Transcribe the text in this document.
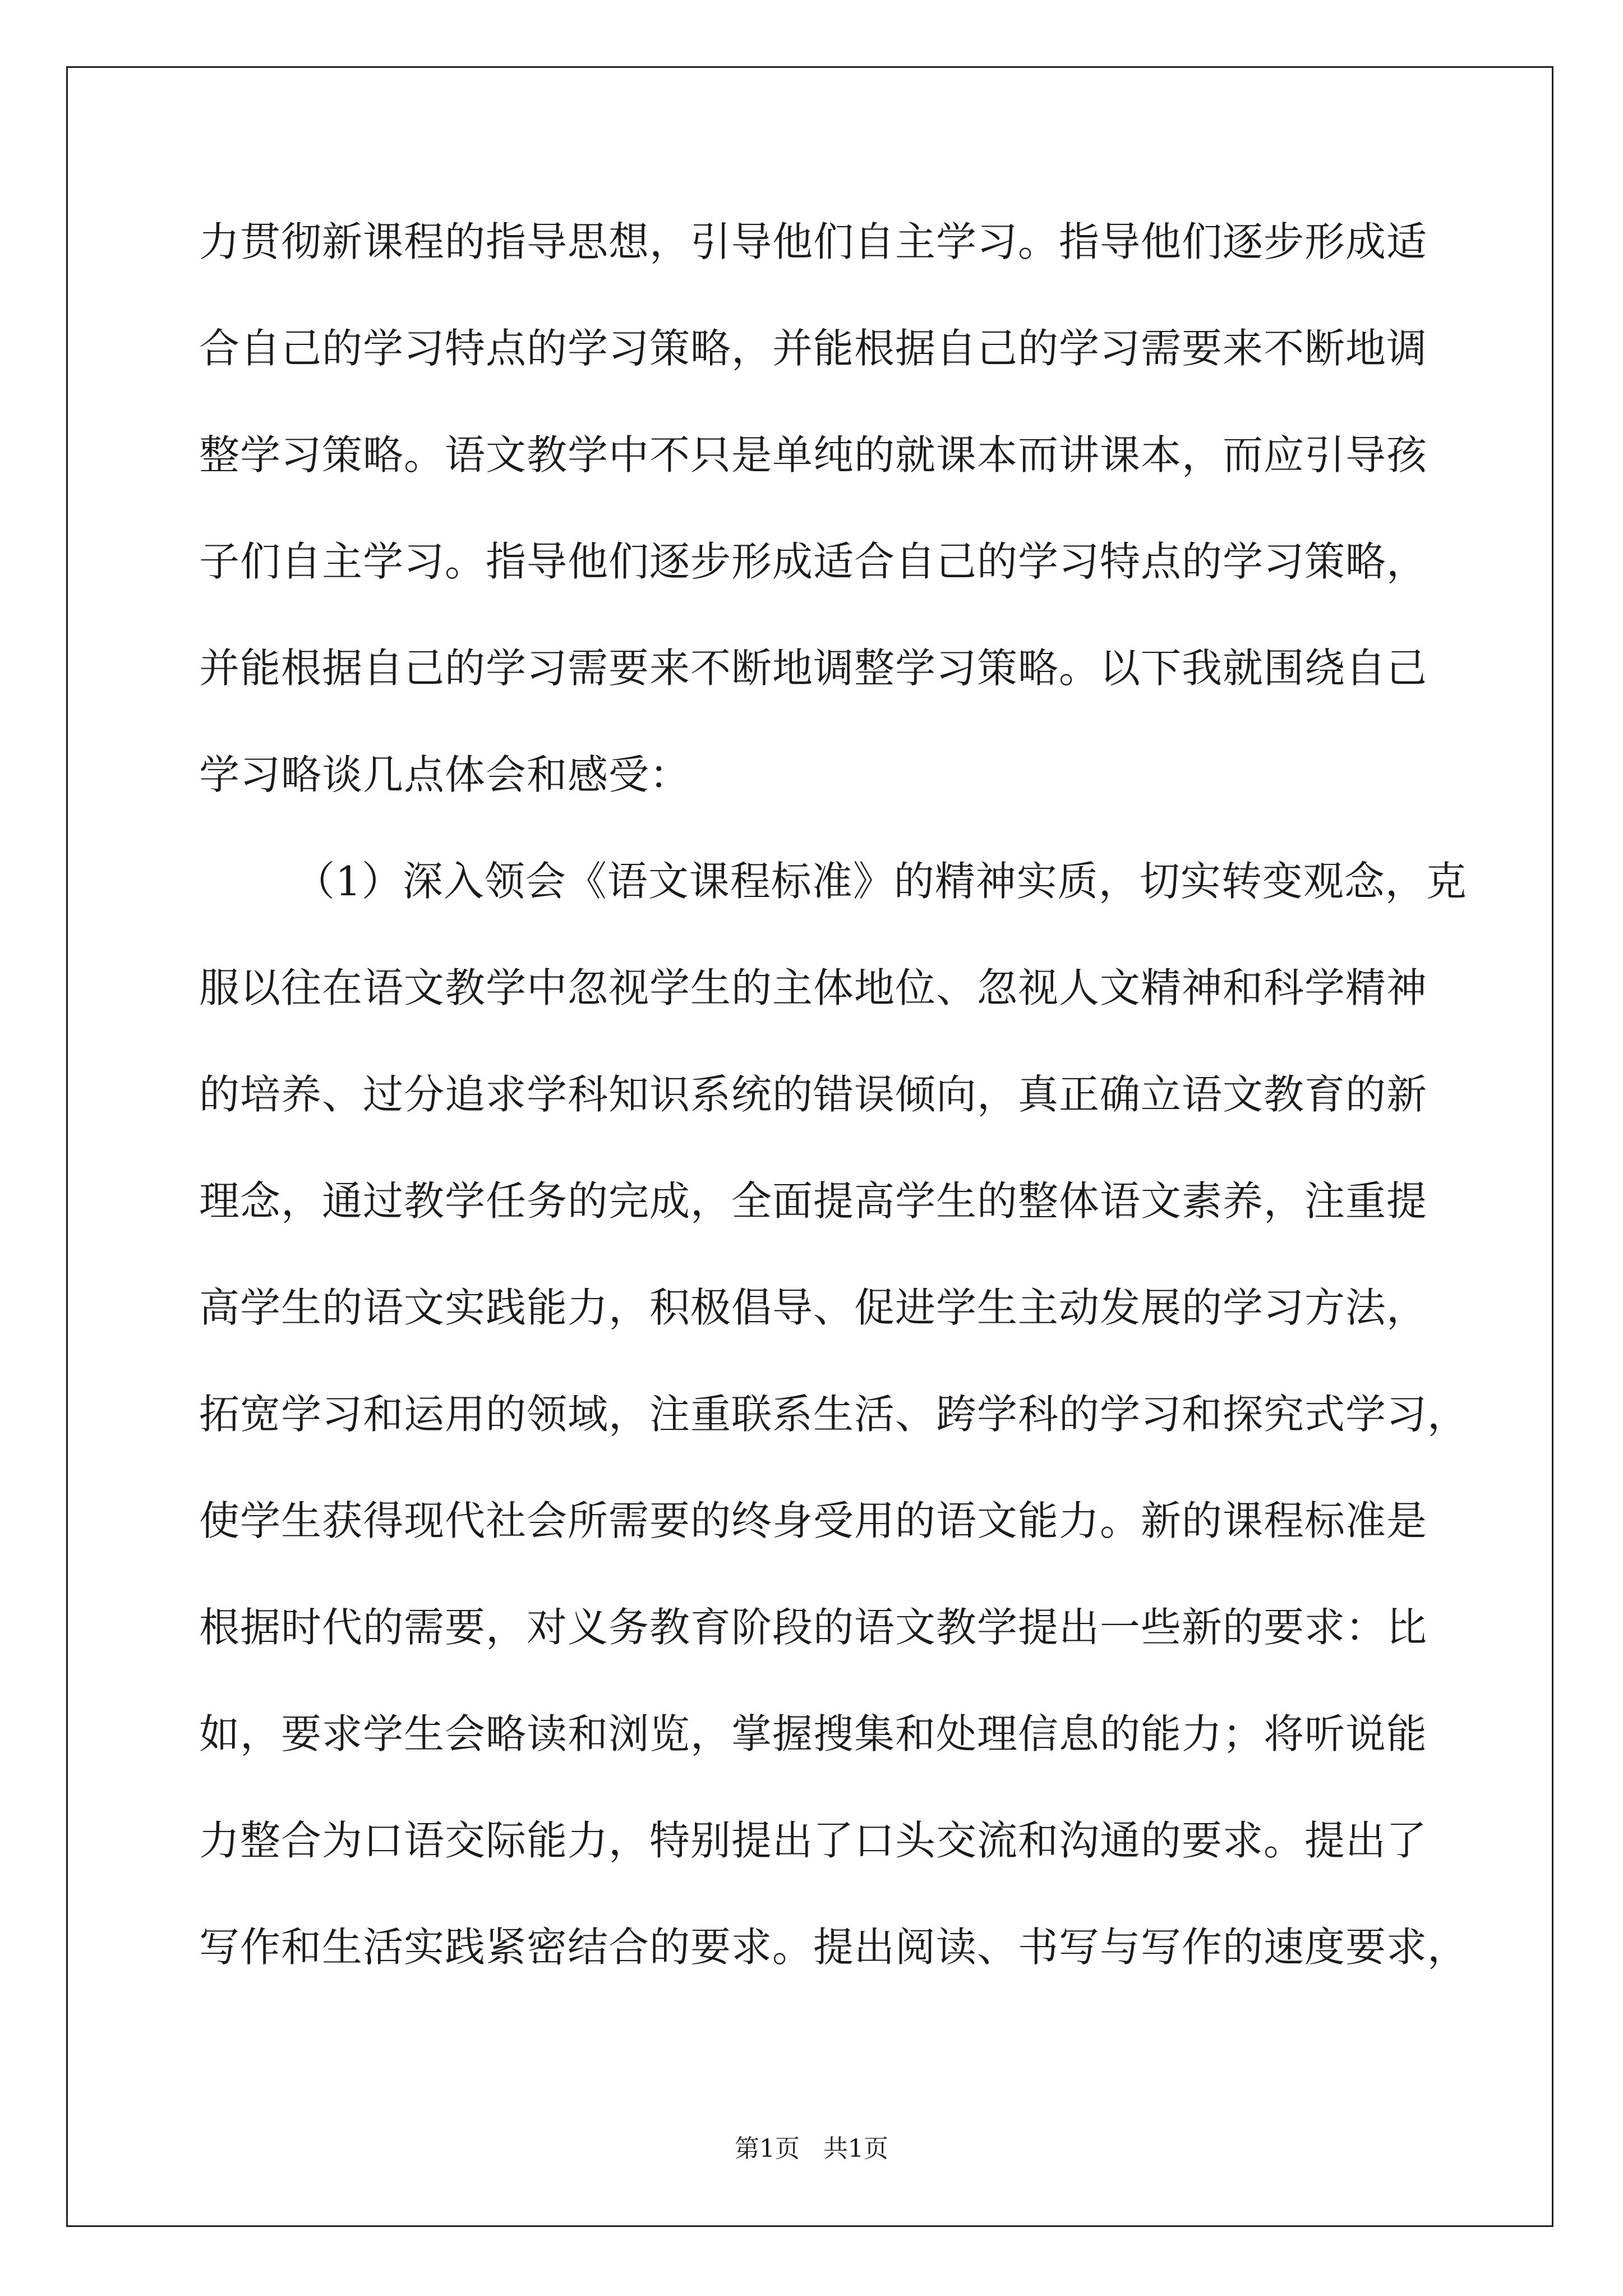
力贯彻新课程的指导思想，引导他们自主学习。指导他们逐步形成适
合自己的学习特点的学习策略，并能根据自己的学习需要来不断地调
整学习策略。语文教学中不只是单纯的就课本而讲课本，而应引导孩
子们自主学习。指导他们逐步形成适合自己的学习特点的学习策略，
并能根据自己的学习需要来不断地调整学习策略。以下我就围绕自己
学习略谈几点体会和感受：
（1）深入领会《语文课程标准》的精神实质，切实转变观念，克
服以往在语文教学中忽视学生的主体地位、忽视人文精神和科学精神
的培养、过分追求学科知识系统的错误倾向，真正确立语文教育的新
理念，通过教学任务的完成，全面提高学生的整体语文素养，注重提
高学生的语文实践能力，积极倡导、促进学生主动发展的学习方法，
拓宽学习和运用的领域，注重联系生活、跨学科的学习和探究式学习，
使学生获得现代社会所需要的终身受用的语文能力。新的课程标准是
根据时代的需要，对义务教育阶段的语文教学提出一些新的要求：比
如，要求学生会略读和浏览，掌握搜集和处理信息的能力；将听说能
力整合为口语交际能力，特别提出了口头交流和沟通的要求。提出了
写作和生活实践紧密结合的要求。提出阅读、书写与写作的速度要求，
第1页   共1页
